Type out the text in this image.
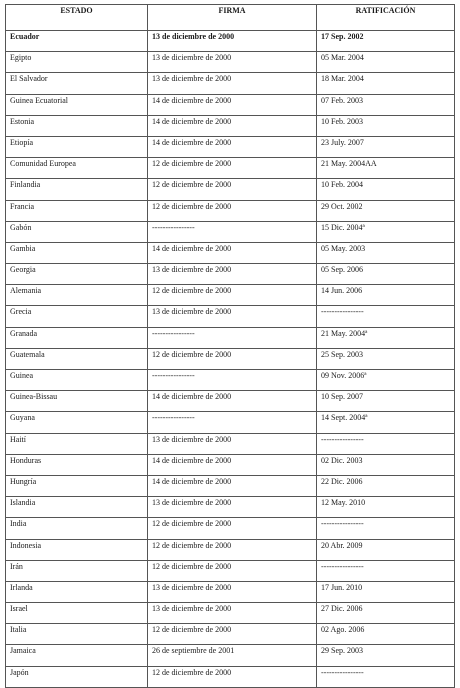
ESTADO	FIRMA	RATIFICACIÓN
Ecuador	13 de diciembre de 2000	17 Sep. 2002
Egipto	13 de diciembre de 2000	05 Mar. 2004
El Salvador	13 de diciembre de 2000	18 Mar. 2004
Guinea Ecuatorial	14 de diciembre de 2000	07 Feb. 2003
Estonia	14 de diciembre de 2000	10 Feb. 2003
Etiopía	14 de diciembre de 2000	23 July. 2007
Comunidad Europea	12 de diciembre de 2000	21 May. 2004AA
Finlandia	12 de diciembre de 2000	10 Feb. 2004
Francia	12 de diciembre de 2000	29 Oct. 2002
Gabón	----------------	15 Dic. 2004ª
Gambia	14 de diciembre de 2000	05 May. 2003
Georgia	13 de diciembre de 2000	05 Sep. 2006
Alemania	12 de diciembre de 2000	14 Jun. 2006
Grecia	13 de diciembre de 2000	----------------
Granada	----------------	21 May. 2004ª
Guatemala	12 de diciembre de 2000	25 Sep. 2003
Guinea	----------------	09 Nov. 2006ª
Guinea-Bissau	14 de diciembre de 2000	10 Sep. 2007
Guyana	----------------	14 Sept. 2004ª
Haití	13 de diciembre de 2000	----------------
Honduras	14 de diciembre de 2000	02 Dic. 2003
Hungría	14 de diciembre de 2000	22 Dic. 2006
Islandia	13 de diciembre de 2000	12 May. 2010
India	12 de diciembre de 2000	----------------
Indonesia	12 de diciembre de 2000	20 Abr. 2009
Irán	12 de diciembre de 2000	----------------
Irlanda	13 de diciembre de 2000	17 Jun. 2010
Israel	13 de diciembre de 2000	27 Dic. 2006
Italia	12 de diciembre de 2000	02 Ago. 2006
Jamaica	26 de septiembre de 2001	29 Sep. 2003
Japón	12 de diciembre de 2000	----------------
